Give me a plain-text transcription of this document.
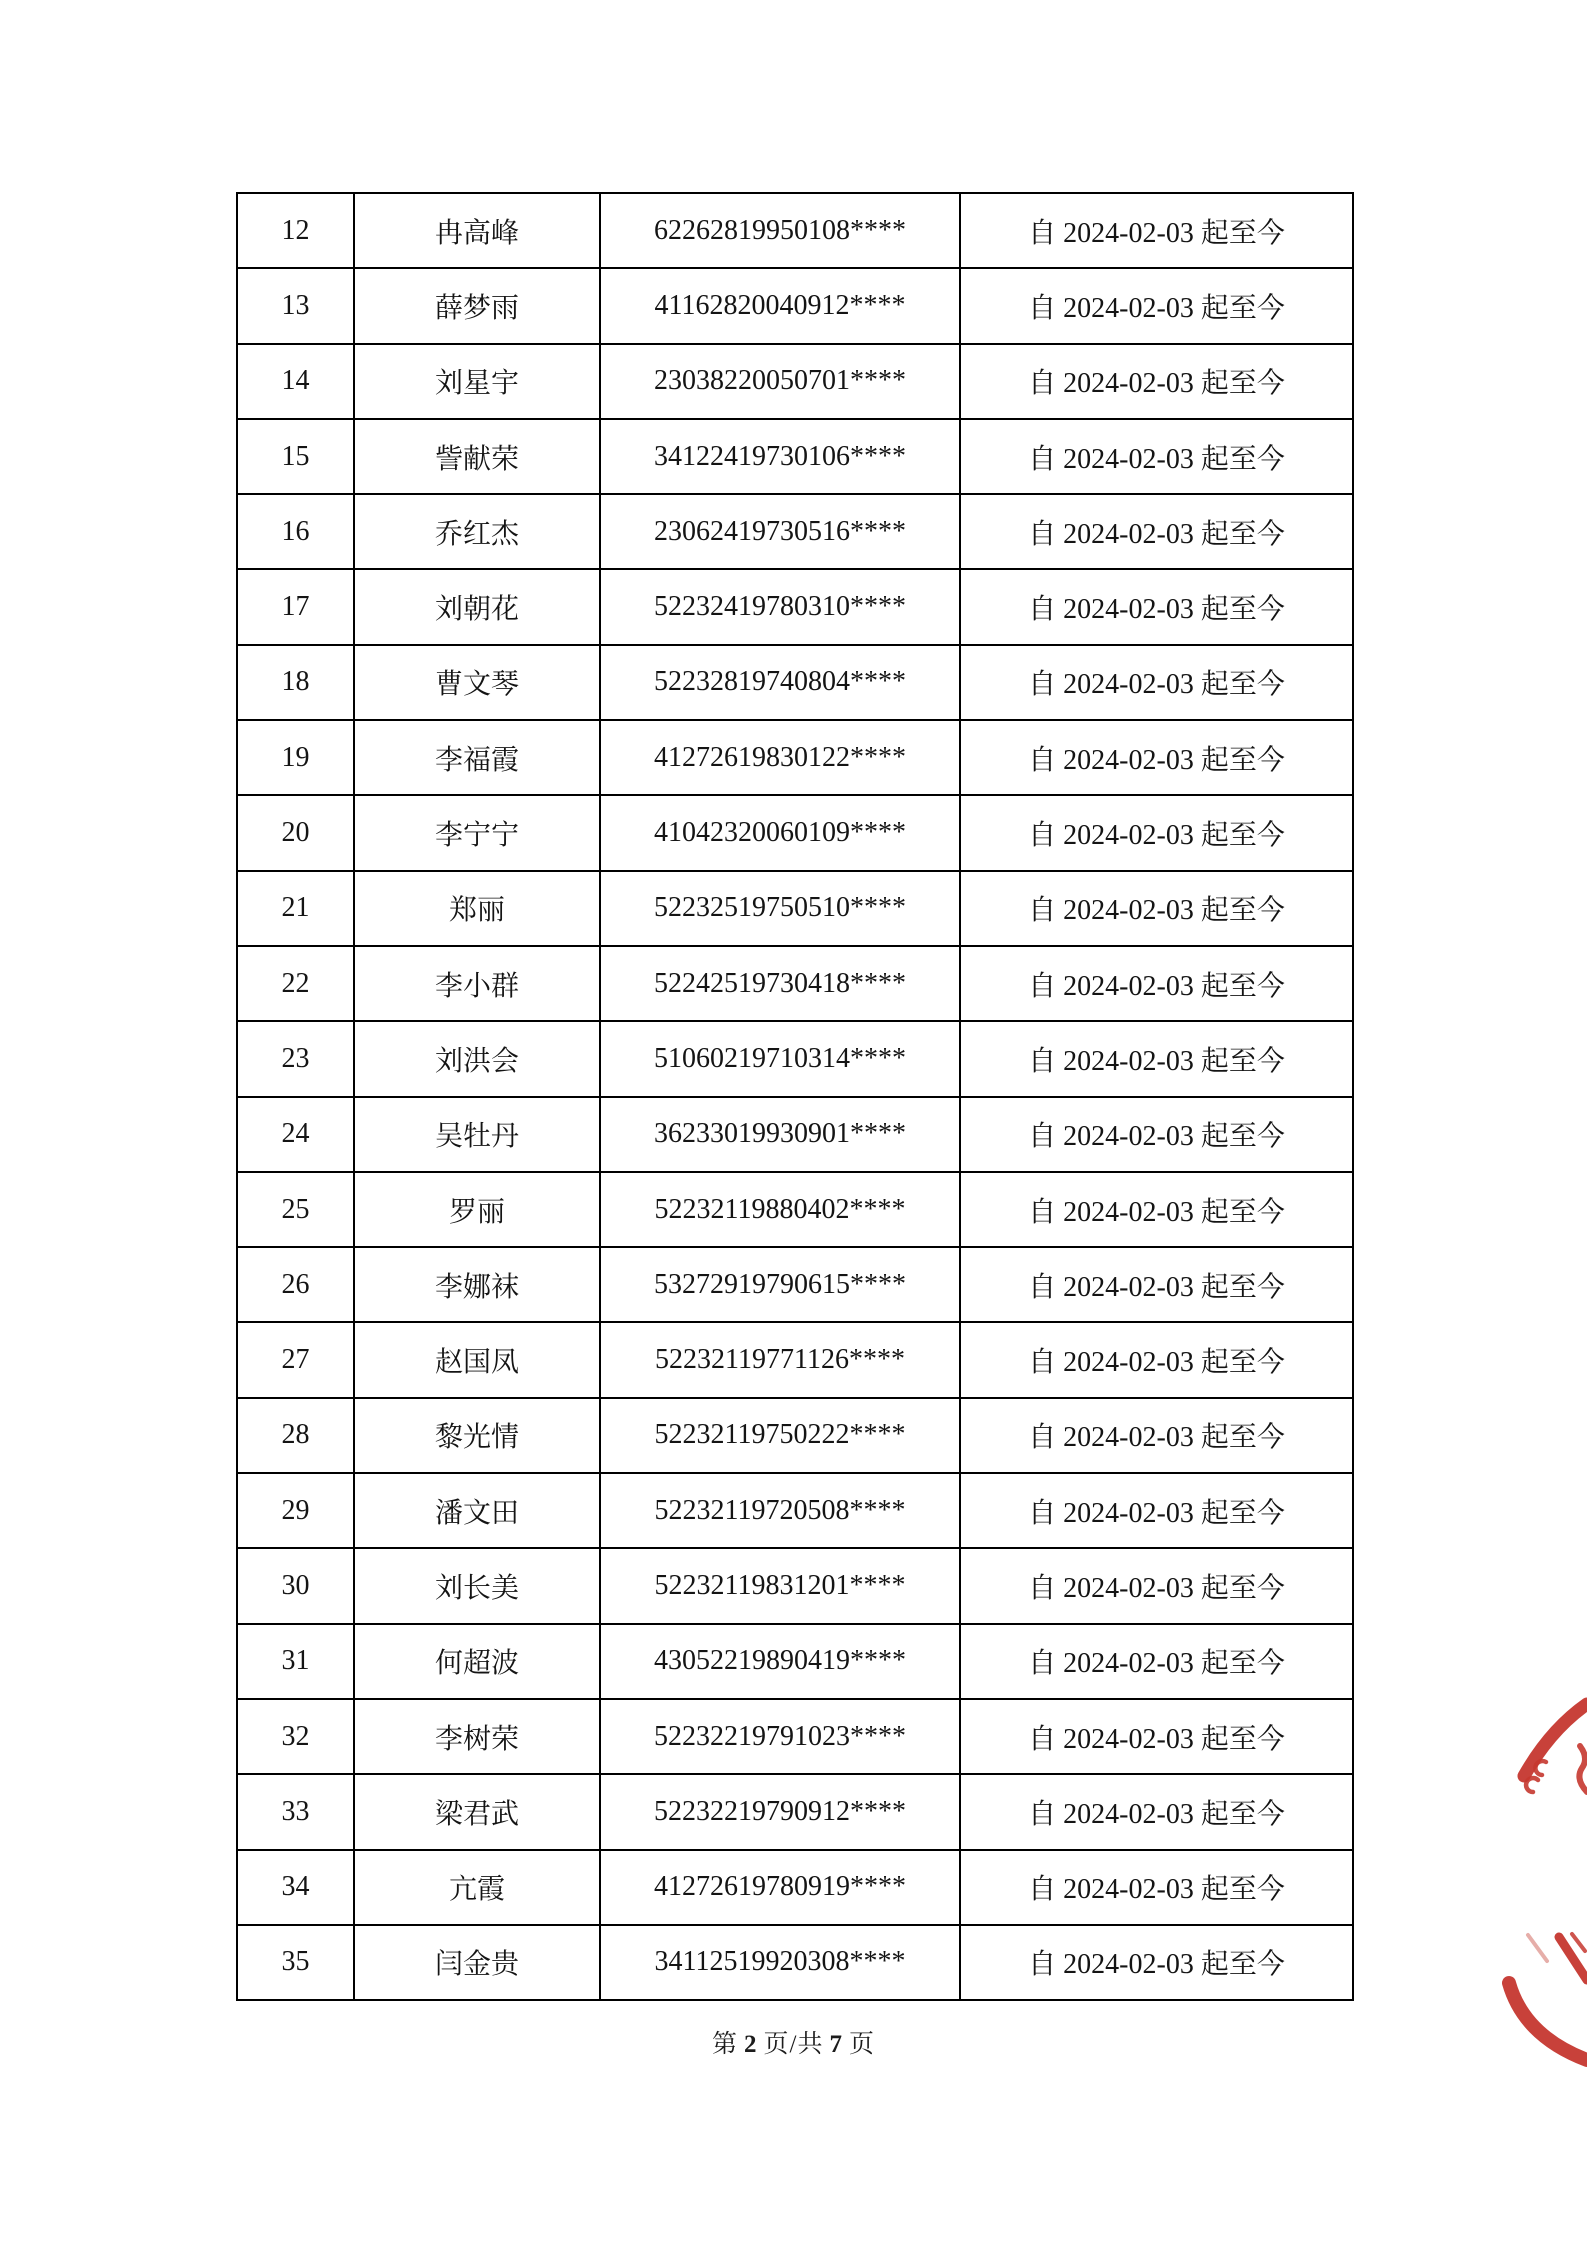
12	冉高峰	62262819950108****	自 2024-02-03 起至今
13	薛梦雨	41162820040912****	自 2024-02-03 起至今
14	刘星宇	23038220050701****	自 2024-02-03 起至今
15	訾献荣	34122419730106****	自 2024-02-03 起至今
16	乔红杰	23062419730516****	自 2024-02-03 起至今
17	刘朝花	52232419780310****	自 2024-02-03 起至今
18	曹文琴	52232819740804****	自 2024-02-03 起至今
19	李福霞	41272619830122****	自 2024-02-03 起至今
20	李宁宁	41042320060109****	自 2024-02-03 起至今
21	郑丽	52232519750510****	自 2024-02-03 起至今
22	李小群	52242519730418****	自 2024-02-03 起至今
23	刘洪会	51060219710314****	自 2024-02-03 起至今
24	吴牡丹	36233019930901****	自 2024-02-03 起至今
25	罗丽	52232119880402****	自 2024-02-03 起至今
26	李娜袜	53272919790615****	自 2024-02-03 起至今
27	赵国凤	52232119771126****	自 2024-02-03 起至今
28	黎光情	52232119750222****	自 2024-02-03 起至今
29	潘文田	52232119720508****	自 2024-02-03 起至今
30	刘长美	52232119831201****	自 2024-02-03 起至今
31	何超波	43052219890419****	自 2024-02-03 起至今
32	李树荣	52232219791023****	自 2024-02-03 起至今
33	梁君武	52232219790912****	自 2024-02-03 起至今
34	亢霞	41272619780919****	自 2024-02-03 起至今
35	闫金贵	34112519920308****	自 2024-02-03 起至今
第 2 页/共 7 页
